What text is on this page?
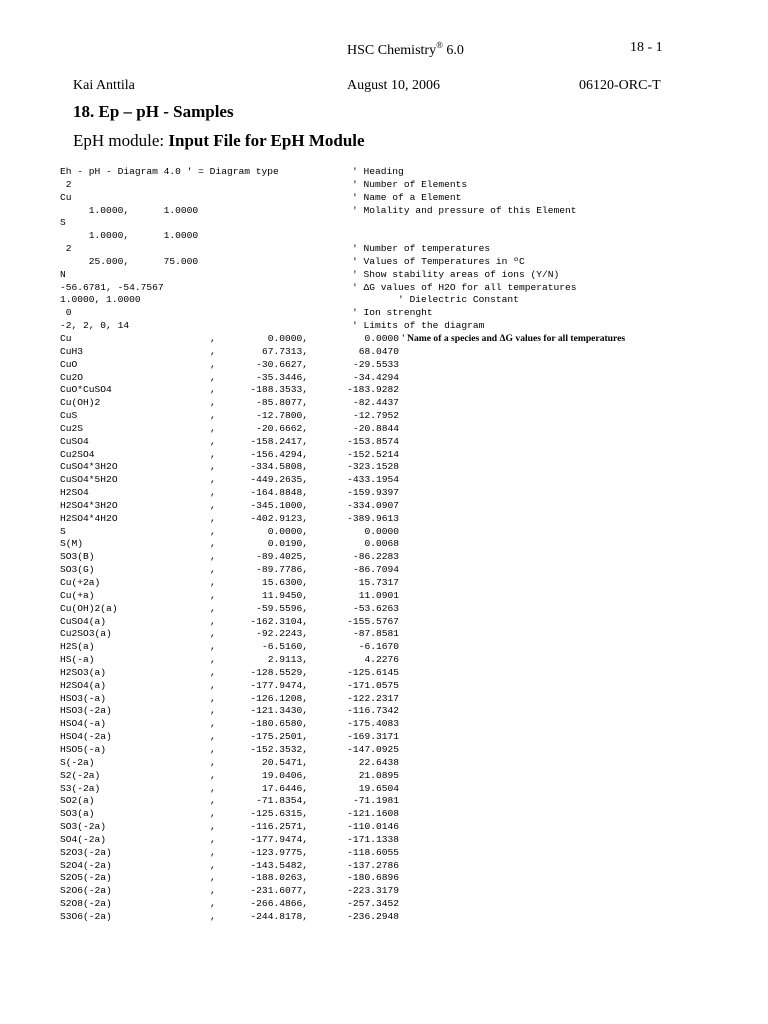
HSC Chemistry® 6.0	18 - 1
Kai Anttila	August 10, 2006	06120-ORC-T
18. Ep – pH - Samples
EpH module: Input File for EpH Module
Eh - pH - Diagram 4.0 ' = Diagram type	' Heading
2	' Number of Elements
Cu	' Name of a Element
1.0000,      1.0000	' Molality and pressure of this Element
S
1.0000,      1.0000
2	' Number of temperatures
25.000,      75.000	' Values of Temperatures in ºC
N	' Show stability areas of ions (Y/N)
-56.6781, -54.7567	' ΔG values of H2O for all temperatures
1.0000, 1.0000	' Dielectric Constant
0	' Ion strenght
-2, 2, 0, 14	' Limits of the diagram
Cu	,	0.0000,	0.0000 ' Name of a species and ΔG values for all temperatures
CuH3	,	67.7313,	68.0470
CuO	,	-30.6627,	-29.5533
Cu2O	,	-35.3446,	-34.4294
CuO*CuSO4	,	-188.3533,	-183.9282
Cu(OH)2	,	-85.8077,	-82.4437
CuS	,	-12.7800,	-12.7952
Cu2S	,	-20.6662,	-20.8844
CuSO4	,	-158.2417,	-153.8574
Cu2SO4	,	-156.4294,	-152.5214
CuSO4*3H2O	,	-334.5808,	-323.1528
CuSO4*5H2O	,	-449.2635,	-433.1954
H2SO4	,	-164.8848,	-159.9397
H2SO4*3H2O	,	-345.1000,	-334.0907
H2SO4*4H2O	,	-402.9123,	-389.9613
S	,	0.0000,	0.0000
S(M)	,	0.0190,	0.0068
SO3(B)	,	-89.4025,	-86.2283
SO3(G)	,	-89.7786,	-86.7094
Cu(+2a)	,	15.6300,	15.7317
Cu(+a)	,	11.9450,	11.0901
Cu(OH)2(a)	,	-59.5596,	-53.6263
CuSO4(a)	,	-162.3104,	-155.5767
Cu2SO3(a)	,	-92.2243,	-87.8581
H2S(a)	,	-6.5160,	-6.1670
HS(-a)	,	2.9113,	4.2276
H2SO3(a)	,	-128.5529,	-125.6145
H2SO4(a)	,	-177.9474,	-171.0575
HSO3(-a)	,	-126.1208,	-122.2317
HSO3(-2a)	,	-121.3430,	-116.7342
HSO4(-a)	,	-180.6580,	-175.4083
HSO4(-2a)	,	-175.2501,	-169.3171
HSO5(-a)	,	-152.3532,	-147.0925
S(-2a)	,	20.5471,	22.6438
S2(-2a)	,	19.0406,	21.0895
S3(-2a)	,	17.6446,	19.6504
SO2(a)	,	-71.8354,	-71.1981
SO3(a)	,	-125.6315,	-121.1608
SO3(-2a)	,	-116.2571,	-110.0146
SO4(-2a)	,	-177.9474,	-171.1338
S2O3(-2a)	,	-123.9775,	-118.6055
S2O4(-2a)	,	-143.5482,	-137.2786
S2O5(-2a)	,	-188.0263,	-180.6896
S2O6(-2a)	,	-231.6077,	-223.3179
S2O8(-2a)	,	-266.4866,	-257.3452
S3O6(-2a)	,	-244.8178,	-236.2948
